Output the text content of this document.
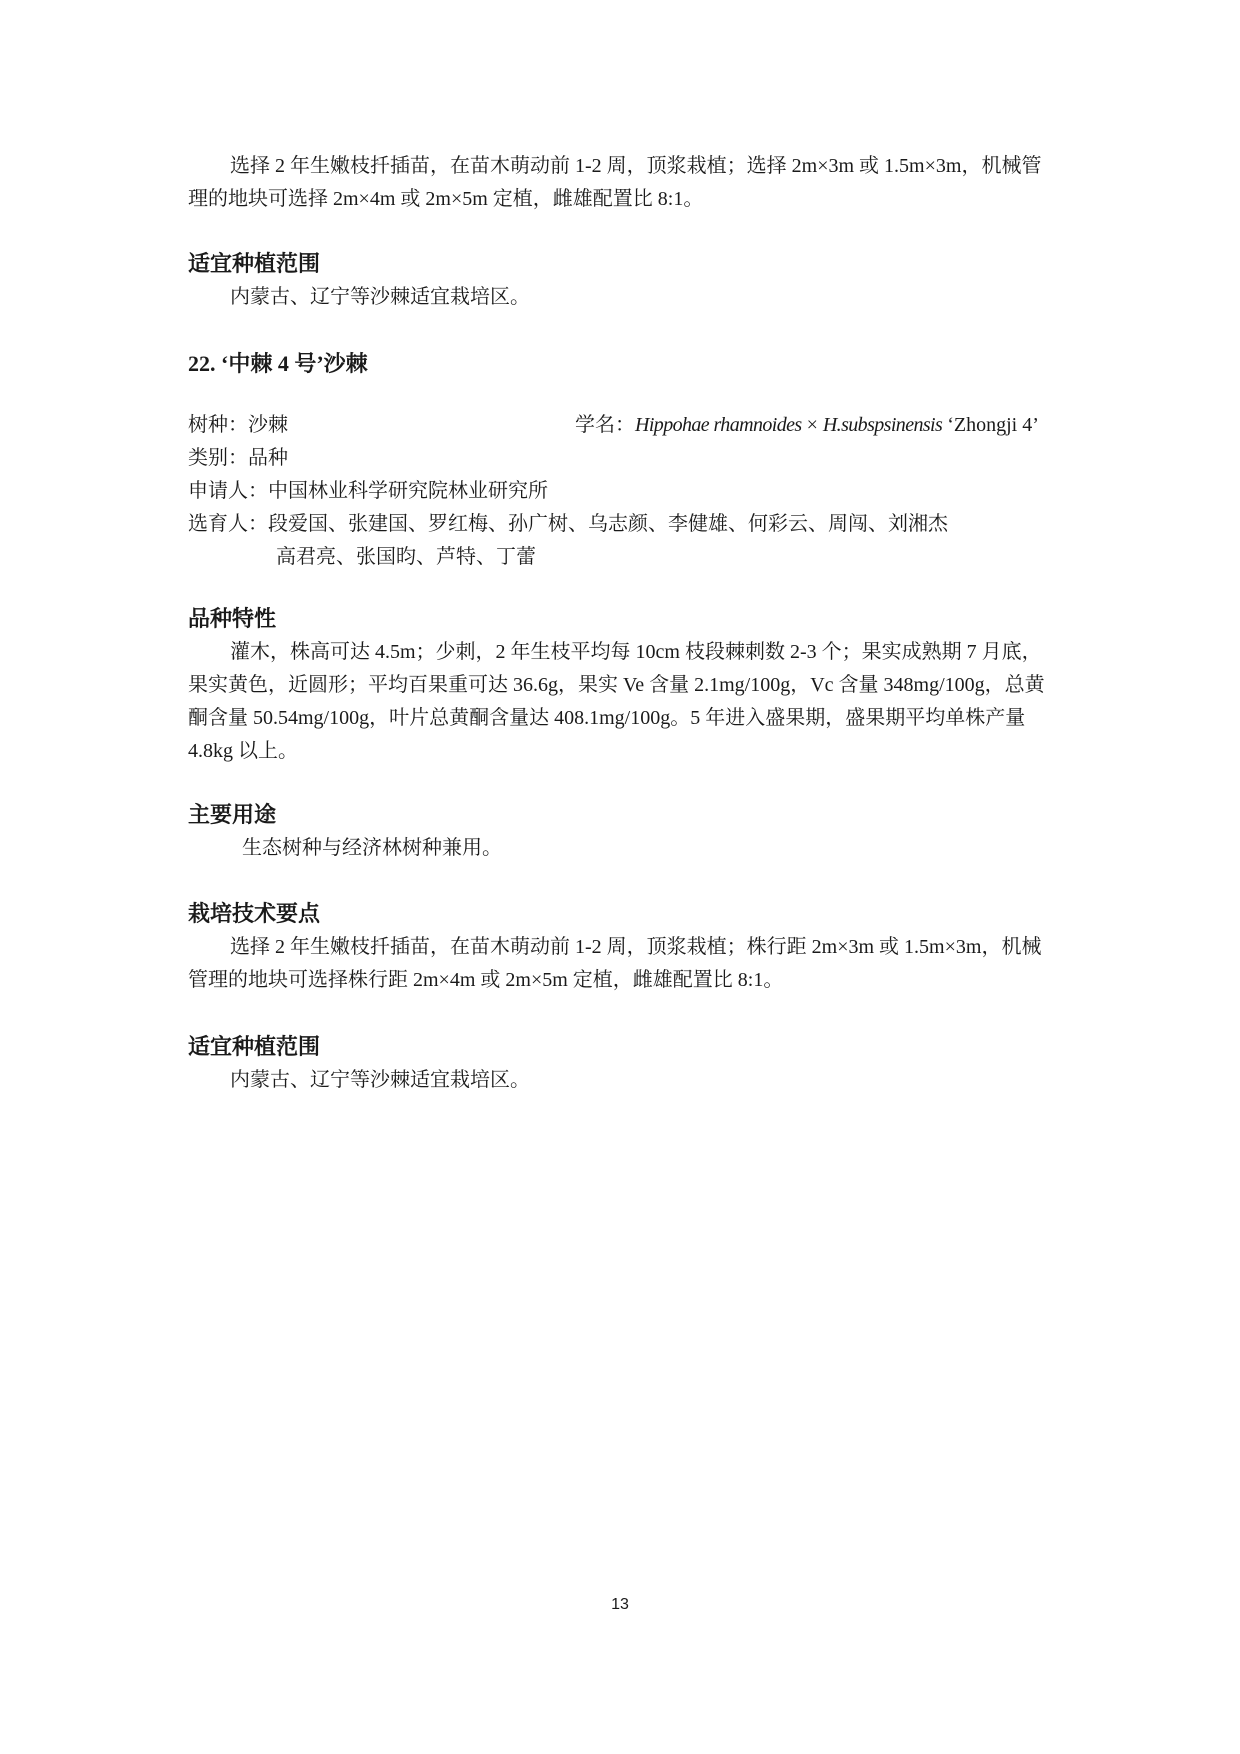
选择 2 年生嫩枝扦插苗，在苗木萌动前 1-2 周，顶浆栽植；选择 2m×3m 或 1.5m×3m，机械管理的地块可选择 2m×4m 或 2m×5m 定植，雌雄配置比 8:1。

适宜种植范围

内蒙古、辽宁等沙棘适宜栽培区。

22. ‘中棘 4 号’沙棘
树种：沙棘	学名：Hippohae rhamnoides × H.subspsinensis ‘Zhongji 4’
类别：品种
申请人：中国林业科学研究院林业研究所
选育人：段爱国、张建国、罗红梅、孙广树、乌志颜、李健雄、何彩云、周闯、刘湘杰
高君亮、张国昀、芦特、丁蕾
品种特性

灌木，株高可达 4.5m；少刺，2 年生枝平均每 10cm 枝段棘刺数 2-3 个；果实成熟期 7 月底，果实黄色，近圆形；平均百果重可达 36.6g，果实 Ve 含量 2.1mg/100g，Vc 含量 348mg/100g，总黄酮含量 50.54mg/100g，叶片总黄酮含量达 408.1mg/100g。5 年进入盛果期，盛果期平均单株产量 4.8kg 以上。

主要用途

生态树种与经济林树种兼用。

栽培技术要点

选择 2 年生嫩枝扦插苗，在苗木萌动前 1-2 周，顶浆栽植；株行距 2m×3m 或 1.5m×3m，机械管理的地块可选择株行距 2m×4m 或 2m×5m 定植，雌雄配置比 8:1。

适宜种植范围

内蒙古、辽宁等沙棘适宜栽培区。

13
